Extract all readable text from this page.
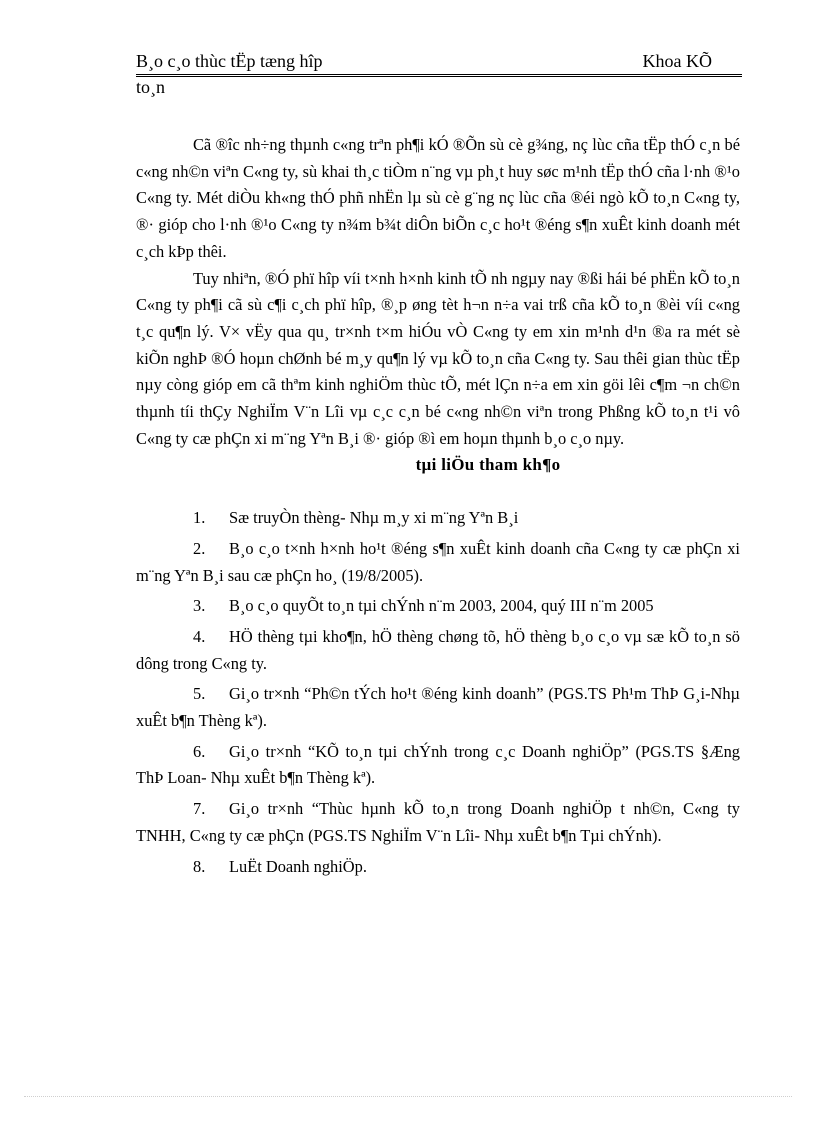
B¸o c¸o thùc tËp tæng hîp	Khoa KÕ
to¸n

Cã ®îc nh÷ng thµnh c«ng trªn ph¶i kÓ ®Õn sù cè g¾ng, nç lùc cña tËp thÓ c¸n bé c«ng nh©n viªn C«ng ty, sù khai th¸c tiÒm n¨ng vµ ph¸t huy søc m¹nh tËp thÓ cña l·nh ®¹o C«ng ty. Mét diÒu kh«ng thÓ phñ nhËn lµ sù cè g¨ng nç lùc cña ®éi ngò kÕ to¸n C«ng ty, ®· gióp cho l·nh ®¹o C«ng ty n¾m b¾t diÔn biÕn c¸c ho¹t ®éng s¶n xuÊt kinh doanh mét c¸ch kÞp thêi.

Tuy nhiªn, ®Ó phï hîp víi t×nh h×nh kinh tÕ nh ngµy nay ®ßi hái bé phËn kÕ to¸n C«ng ty ph¶i cã sù c¶i c¸ch phï hîp, ®¸p øng tèt h¬n n÷a vai trß cña kÕ to¸n ®èi víi c«ng t¸c qu¶n lý. V× vËy qua qu¸ tr×nh t×m hiÓu vÒ C«ng ty em xin m¹nh d¹n ®a ra mét sè kiÕn nghÞ ®Ó hoµn chØnh bé m¸y qu¶n lý vµ kÕ to¸n cña C«ng ty. Sau thêi gian thùc tËp nµy còng gióp em cã thªm kinh nghiÖm thùc tÕ, mét lÇn n÷a em xin göi lêi c¶m ¬n ch©n thµnh tíi thÇy NghiÏm V¨n Lîi vµ c¸c c¸n bé c«ng nh©n viªn trong Phßng kÕ to¸n t¹i vô C«ng ty cæ phÇn xi m¨ng Yªn B¸i ®· gióp ®ì em hoµn thµnh b¸o c¸o nµy.

tµi liÖu tham kh¶o
1. Sæ truyÒn thèng- Nhµ m¸y xi m¨ng Yªn B¸i
2. B¸o c¸o t×nh h×nh ho¹t ®éng s¶n xuÊt kinh doanh cña C«ng ty cæ phÇn xi m¨ng Yªn B¸i sau cæ phÇn ho¸ (19/8/2005).
3. B¸o c¸o quyÕt to¸n tµi chÝnh n¨m 2003, 2004, quý III n¨m 2005
4. HÖ thèng tµi kho¶n, hÖ thèng chøng tõ, hÖ thèng b¸o c¸o vµ sæ kÕ to¸n sö dông trong C«ng ty.
5. Gi¸o tr×nh “Ph©n tÝch ho¹t ®éng kinh doanh” (PGS.TS Ph¹m ThÞ G¸i-Nhµ xuÊt b¶n Thèng kª).
6. Gi¸o tr×nh “KÕ to¸n tµi chÝnh trong c¸c Doanh nghiÖp” (PGS.TS §Æng ThÞ Loan- Nhµ xuÊt b¶n Thèng kª).
7. Gi¸o tr×nh “Thùc hµnh kÕ to¸n trong Doanh nghiÖp t nh©n, C«ng ty TNHH, C«ng ty cæ phÇn (PGS.TS NghiÏm V¨n Lîi- Nhµ xuÊt b¶n Tµi chÝnh).
8. LuËt Doanh nghiÖp.
